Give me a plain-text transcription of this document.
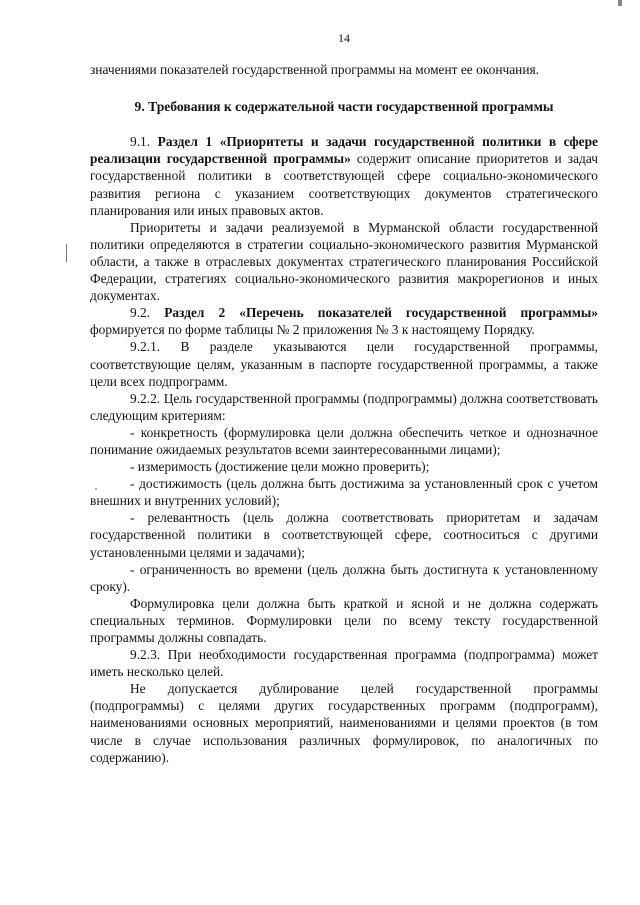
14

значениями показателей государственной программы на момент ее окончания.

9. Требования к содержательной части государственной программы

9.1. Раздел 1 «Приоритеты и задачи государственной политики в сфере реализации государственной программы» содержит описание приоритетов и задач государственной политики в соответствующей сфере социально-экономического развития региона с указанием соответствующих документов стратегического планирования или иных правовых актов.

Приоритеты и задачи реализуемой в Мурманской области государственной политики определяются в стратегии социально-экономического развития Мурманской области, а также в отраслевых документах стратегического планирования Российской Федерации, стратегиях социально-экономического развития макрорегионов и иных документах.

9.2. Раздел 2 «Перечень показателей государственной программы» формируется по форме таблицы № 2 приложения № 3 к настоящему Порядку.

9.2.1. В разделе указываются цели государственной программы, соответствующие целям, указанным в паспорте государственной программы, а также цели всех подпрограмм.

9.2.2. Цель государственной программы (подпрограммы) должна соответствовать следующим критериям:

- конкретность (формулировка цели должна обеспечить четкое и однозначное понимание ожидаемых результатов всеми заинтересованными лицами);

- измеримость (достижение цели можно проверить);

- достижимость (цель должна быть достижима за установленный срок с учетом внешних и внутренних условий);

- релевантность (цель должна соответствовать приоритетам и задачам государственной политики в соответствующей сфере, соотноситься с другими установленными целями и задачами);

- ограниченность во времени (цель должна быть достигнута к установленному сроку).

Формулировка цели должна быть краткой и ясной и не должна содержать специальных терминов. Формулировки цели по всему тексту государственной программы должны совпадать.

9.2.3. При необходимости государственная программа (подпрограмма) может иметь несколько целей.

Не допускается дублирование целей государственной программы (подпрограммы) с целями других государственных программ (подпрограмм), наименованиями основных мероприятий, наименованиями и целями проектов (в том числе в случае использования различных формулировок, по аналогичных по содержанию).
